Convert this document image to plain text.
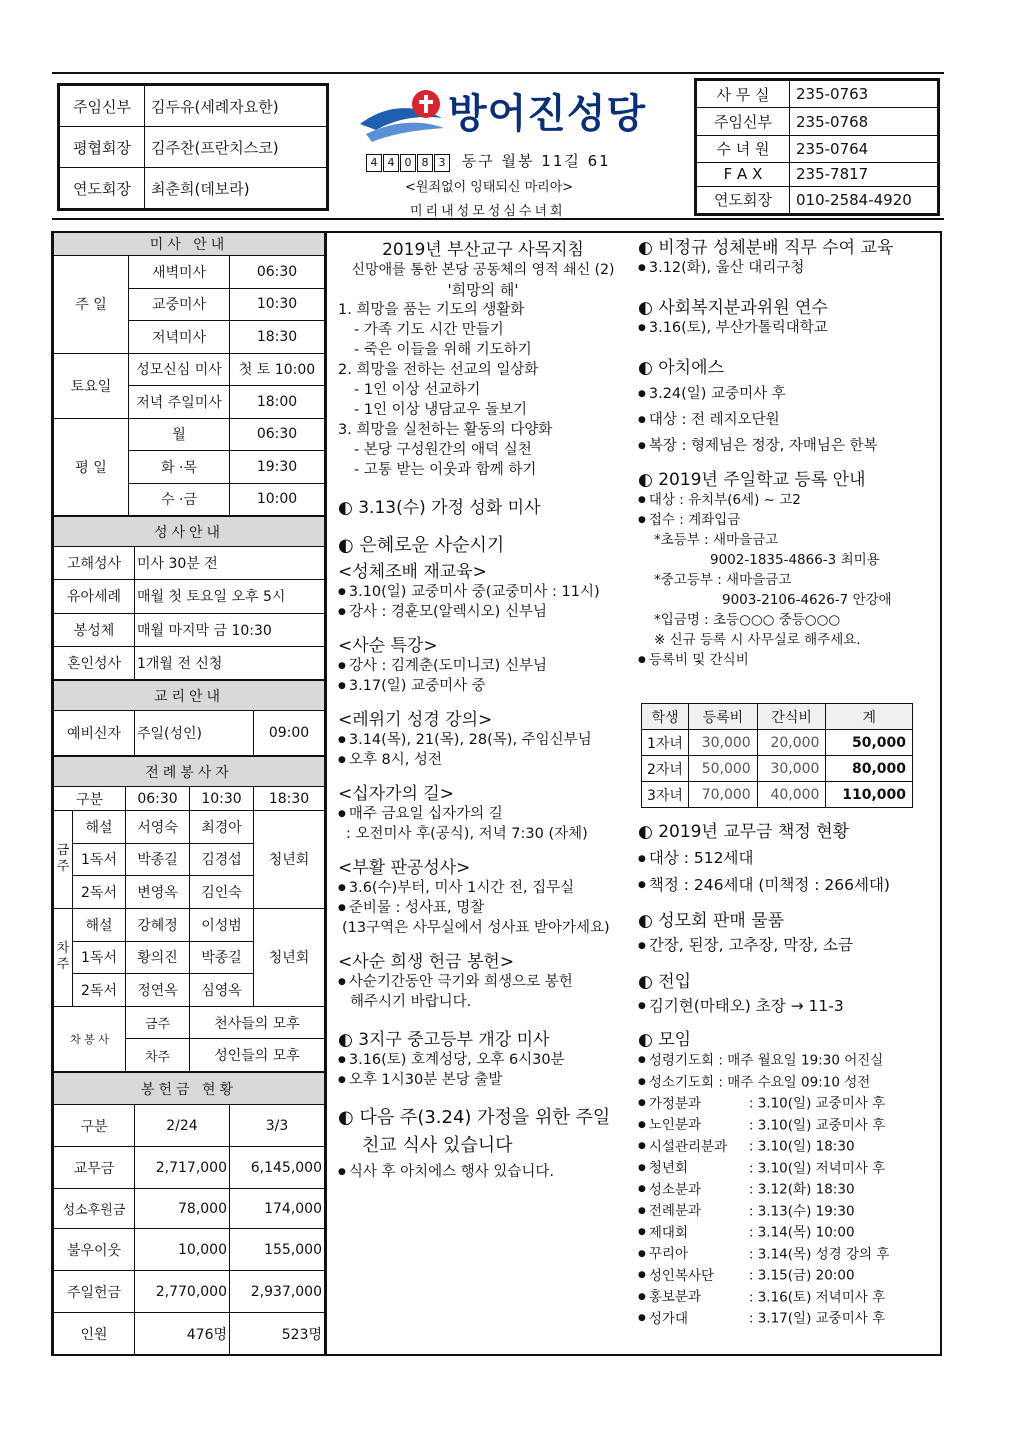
주임신부	김두유(세례자요한)
평협회장	김주찬(프란치스코)
연도회장	최춘희(데보라)
방어진성당
4 4 0 8 3 동구 월봉 11길 61
<원죄없이 잉태되신 마리아>
미리내성모성심수녀회
사 무 실	235-0763
주임신부	235-0768
수 녀 원	235-0764
F A X	235-7817
연도회장	010-2584-4920
미사 안내		
주 일	새벽미사	06:30
	교중미사	10:30
	저녁미사	18:30
토요일	성모신심 미사	첫 토 10:00
	저녁 주일미사	18:00
평 일	월	06:30
	화 ·목	19:30
	수 ·금	10:00
성사안내	
고해성사	미사 30분 전
유아세례	매월 첫 토요일 오후 5시
봉성체	매월 마지막 금 10:30
혼인성사	1개월 전 신청
교리안내
예비신자	주일(성인)	09:00
전례봉사자				
구분		06:30	10:30	18:30
금 주	해설	서영숙	최경아	청년회
	1독서	박종길	김경섭	
	2독서	변영옥	김인숙	
차 주	해설	강혜정	이성범	청년회
	1독서	황의진	박종길	
	2독서	정연옥	심영옥	
차 봉 사		금주	천사들의 모후	
		차주	성인들의 모후	
봉헌금 현황		
구분	2/24	3/3
교무금	2,717,000	6,145,000
성소후원금	78,000	174,000
불우이웃	10,000	155,000
주일헌금	2,770,000	2,937,000
인원	476명	523명

2019년 부산교구 사목지침

신망애를 통한 본당 공동체의 영적 쇄신 (2)

'희망의 해'

1. 희망을 품는 기도의 생활화

- 가족 기도 시간 만들기

- 죽은 이들을 위해 기도하기

2. 희망을 전하는 선교의 일상화

- 1인 이상 선교하기

- 1인 이상 냉담교우 돌보기

3. 희망을 실천하는 활동의 다양화

- 본당 구성원간의 애덕 실천

- 고통 받는 이웃과 함께 하기

◐ 3.13(수) 가정 성화 미사

◐ 은혜로운 사순시기

<성체조배 재교육>

● 3.10(일) 교중미사 중(교중미사 : 11시)

● 강사 : 경훈모(알렉시오) 신부님

<사순 특강>

● 강사 : 김계춘(도미니코) 신부님

● 3.17(일) 교중미사 중

<레위기 성경 강의>

● 3.14(목), 21(목), 28(목), 주임신부님

● 오후 8시, 성전

<십자가의 길>

● 매주 금요일 십자가의 길

: 오전미사 후(공식), 저녁 7:30 (자체)

<부활 판공성사>

● 3.6(수)부터, 미사 1시간 전, 집무실

● 준비물 : 성사표, 명찰

(13구역은 사무실에서 성사표 받아가세요)

<사순 희생 헌금 봉헌>

● 사순기간동안 극기와 희생으로 봉헌

해주시기 바랍니다.

◐ 3지구 중고등부 개강 미사

● 3.16(토) 호계성당, 오후 6시30분

● 오후 1시30분 본당 출발

◐ 다음 주(3.24) 가정을 위한 주일

친교 식사 있습니다

● 식사 후 아치에스 행사 있습니다.

◐ 비정규 성체분배 직무 수여 교육

● 3.12(화), 울산 대리구청

◐ 사회복지분과위원 연수

● 3.16(토), 부산가톨릭대학교

◐ 아치에스

● 3.24(일) 교중미사 후

● 대상 : 전 레지오단원

● 복장 : 형제님은 정장, 자매님은 한복

◐ 2019년 주일학교 등록 안내

● 대상 : 유치부(6세) ~ 고2

● 접수 : 계좌입금

*초등부 : 새마을금고

9002-1835-4866-3 최미용

*중고등부 : 새마을금고

9003-2106-4626-7 안강애

*입금명 : 초등○○○ 중등○○○

※ 신규 등록 시 사무실로 해주세요.

● 등록비 및 간식비

학생	등록비	간식비	계
1자녀	30,000	20,000	50,000
2자녀	50,000	30,000	80,000
3자녀	70,000	40,000	110,000

◐ 2019년 교무금 책정 현황

● 대상 : 512세대

● 책정 : 246세대 (미책정 : 266세대)

◐ 성모회 판매 물품

● 간장, 된장, 고추장, 막장, 소금

◐ 전입

● 김기현(마태오) 초장 → 11-3

◐ 모임

● 성령기도회 : 매주 월요일 19:30 어진실

● 성소기도회 : 매주 수요일 09:10 성전

● 가정분과	: 3.10(일) 교중미사 후

● 노인분과	: 3.10(일) 교중미사 후

● 시설관리분과 : 3.10(일) 18:30

● 청년회	: 3.10(일) 저녁미사 후

● 성소분과	: 3.12(화) 18:30

● 전례분과	: 3.13(수) 19:30

● 제대회	: 3.14(목) 10:00

● 꾸리아	: 3.14(목) 성경 강의 후

● 성인복사단	: 3.15(금) 20:00

● 홍보분과	: 3.16(토) 저녁미사 후

● 성가대	: 3.17(일) 교중미사 후
